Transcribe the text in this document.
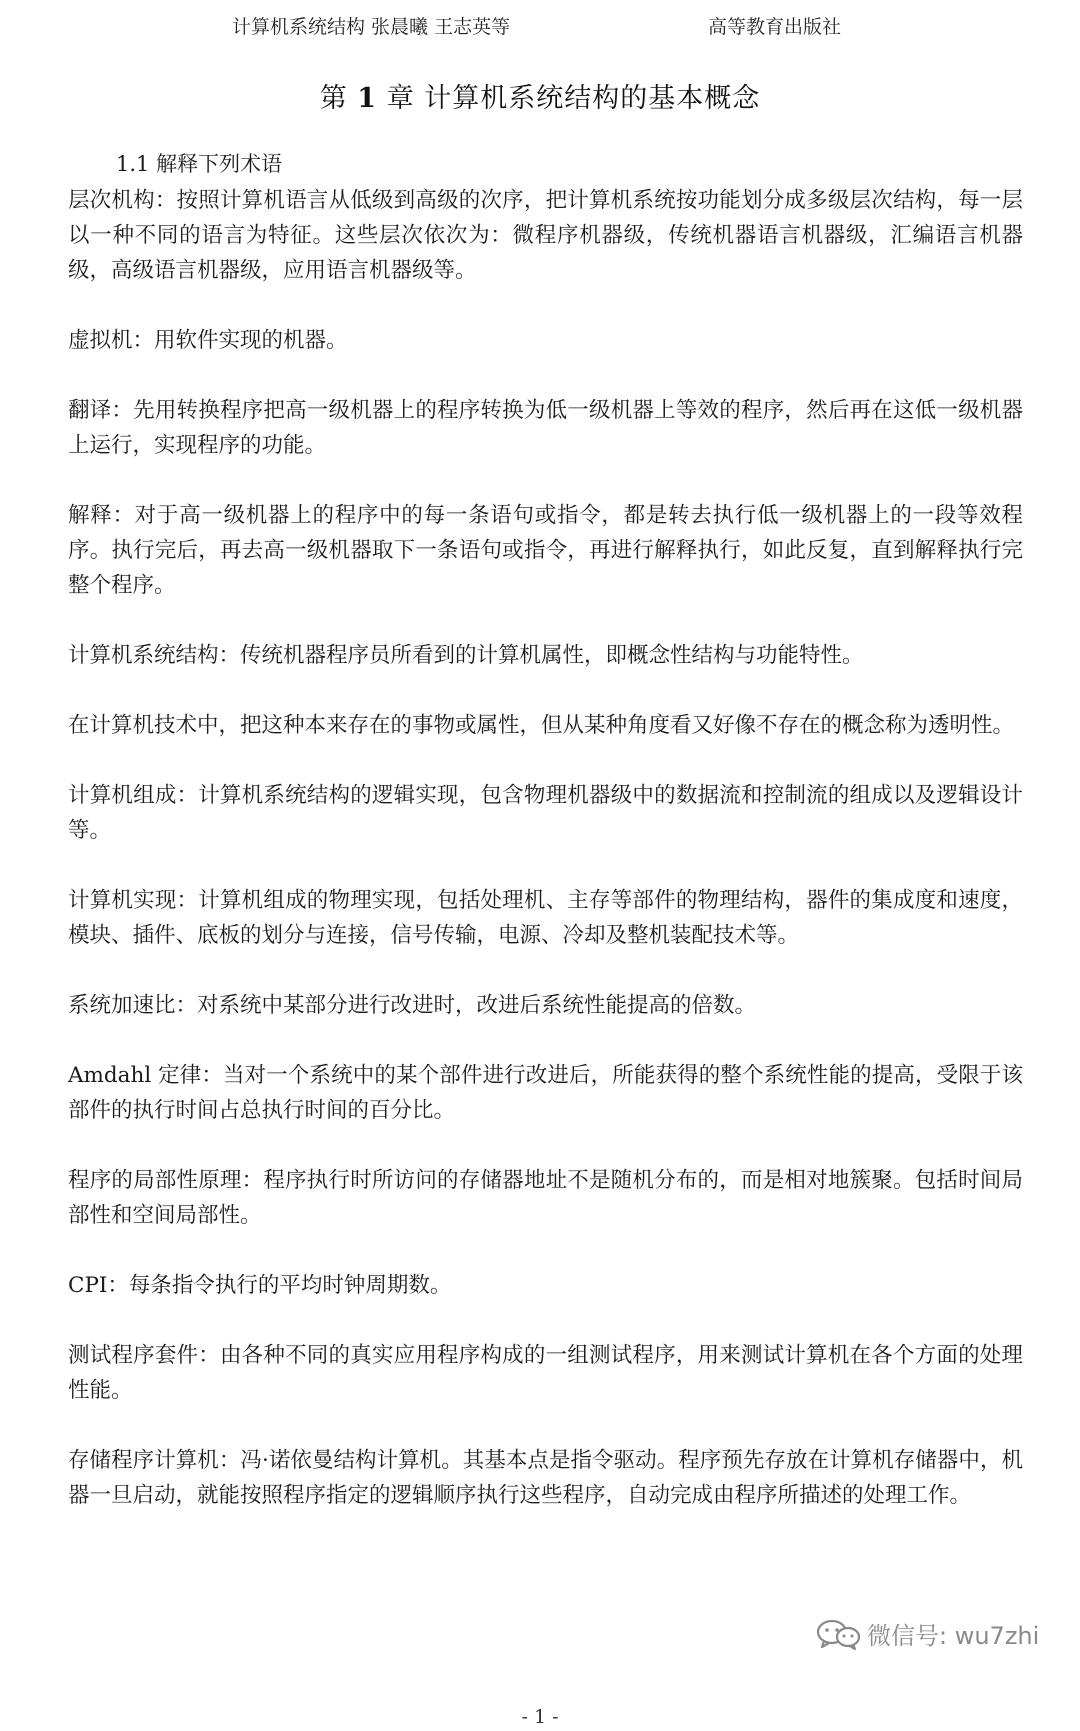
计算机系统结构 张晨曦 王志英等	高等教育出版社
第 1 章 计算机系统结构的基本概念
1.1 解释下列术语

层次机构：按照计算机语言从低级到高级的次序，把计算机系统按功能划分成多级层次结构，每一层以一种不同的语言为特征。这些层次依次为：微程序机器级，传统机器语言机器级，汇编语言机器级，高级语言机器级，应用语言机器级等。

虚拟机：用软件实现的机器。

翻译：先用转换程序把高一级机器上的程序转换为低一级机器上等效的程序，然后再在这低一级机器上运行，实现程序的功能。

解释：对于高一级机器上的程序中的每一条语句或指令，都是转去执行低一级机器上的一段等效程序。执行完后，再去高一级机器取下一条语句或指令，再进行解释执行，如此反复，直到解释执行完整个程序。

计算机系统结构：传统机器程序员所看到的计算机属性，即概念性结构与功能特性。

在计算机技术中，把这种本来存在的事物或属性，但从某种角度看又好像不存在的概念称为透明性。

计算机组成：计算机系统结构的逻辑实现，包含物理机器级中的数据流和控制流的组成以及逻辑设计等。

计算机实现：计算机组成的物理实现，包括处理机、主存等部件的物理结构，器件的集成度和速度，模块、插件、底板的划分与连接，信号传输，电源、冷却及整机装配技术等。

系统加速比：对系统中某部分进行改进时，改进后系统性能提高的倍数。

Amdahl 定律：当对一个系统中的某个部件进行改进后，所能获得的整个系统性能的提高，受限于该部件的执行时间占总执行时间的百分比。

程序的局部性原理：程序执行时所访问的存储器地址不是随机分布的，而是相对地簇聚。包括时间局部性和空间局部性。

CPI：每条指令执行的平均时钟周期数。

测试程序套件：由各种不同的真实应用程序构成的一组测试程序，用来测试计算机在各个方面的处理性能。

存储程序计算机：冯·诺依曼结构计算机。其基本点是指令驱动。程序预先存放在计算机存储器中，机器一旦启动，就能按照程序指定的逻辑顺序执行这些程序，自动完成由程序所描述的处理工作。

微信号: wu7zhi
- 1 -
